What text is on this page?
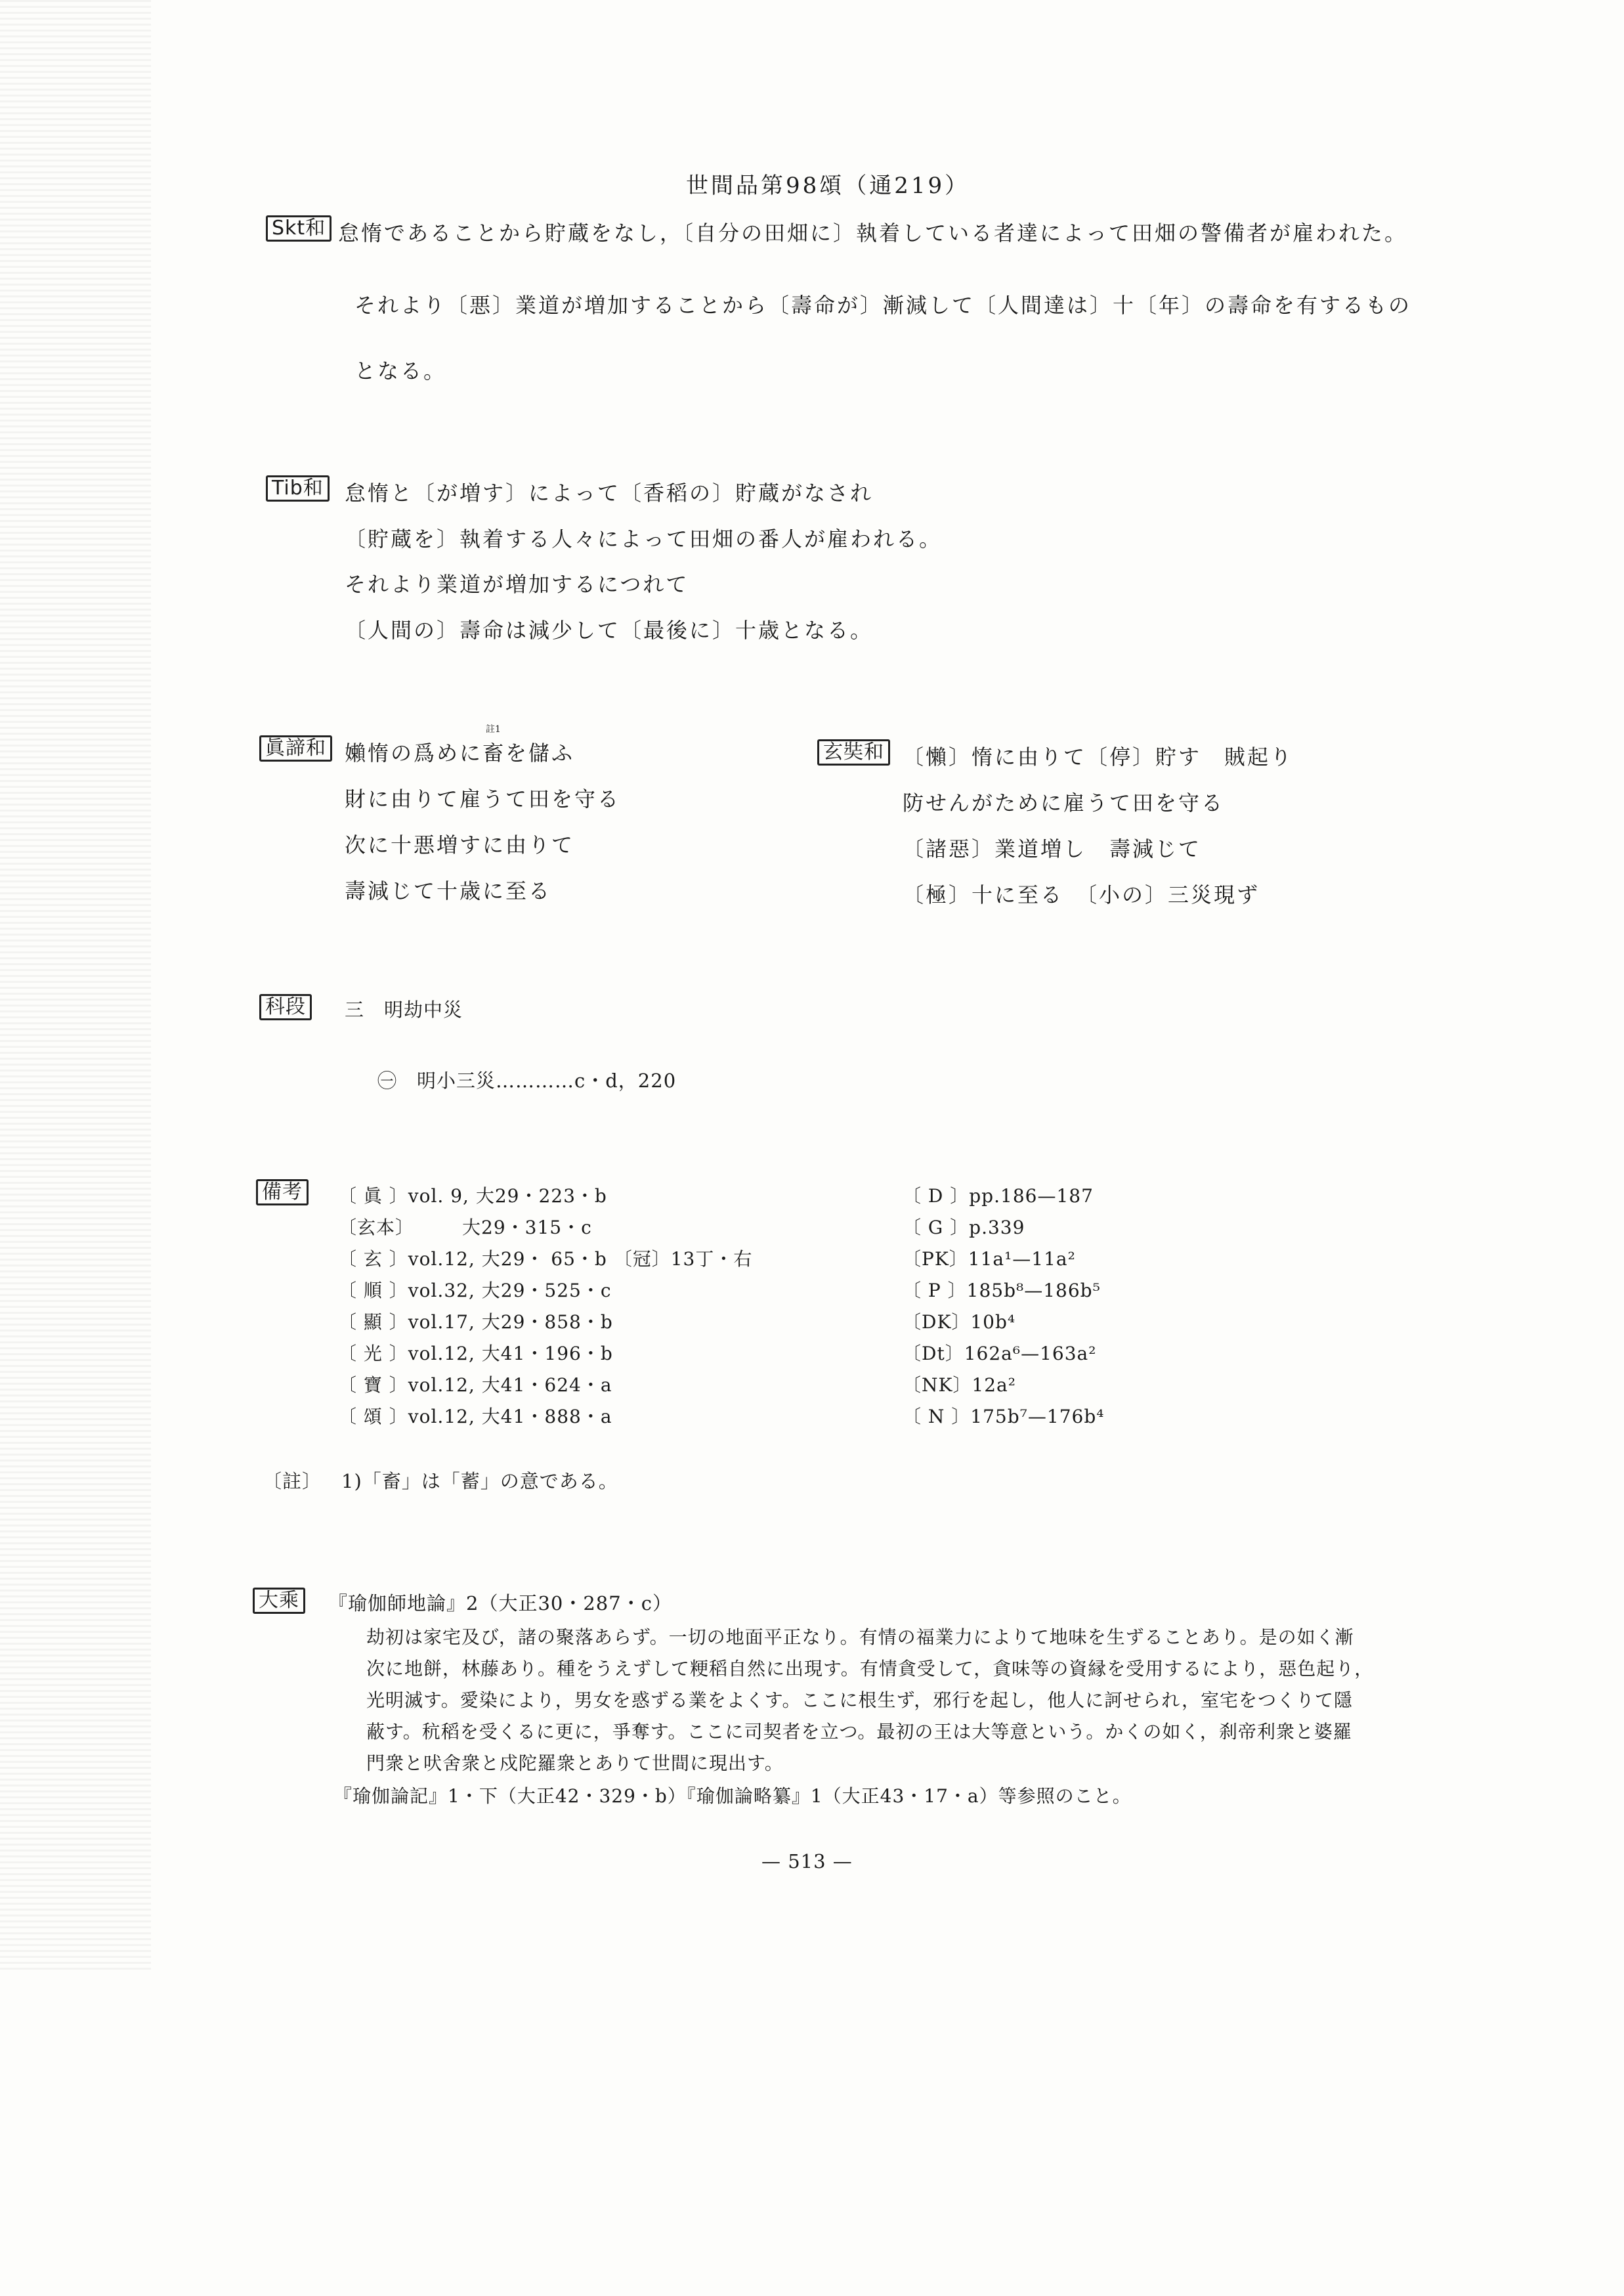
世間品第98頌（通219）
Skt和 怠惰であることから貯蔵をなし，〔自分の田畑に〕執着している者達によって田畑の警備者が雇われた。
それより〔悪〕業道が増加することから〔壽命が〕漸減して〔人間達は〕十〔年〕の壽命を有するもの
となる。
Tib和 怠惰と〔が増す〕によって〔香稻の〕貯蔵がなされ
〔貯蔵を〕執着する人々によって田畑の番人が雇われる。
それより業道が増加するにつれて
〔人間の〕壽命は減少して〔最後に〕十歳となる。
眞諦和
註1
嬾惰の爲めに畜を儲ふ
財に由りて雇うて田を守る
次に十悪増すに由りて
壽減じて十歳に至る
玄奘和 〔懶〕惰に由りて〔停〕貯す　賊起り
防せんがために雇うて田を守る
〔諸惡〕業道増し　壽減じて
〔極〕十に至る　〔小の〕三災現ず
科段	三　明劫中災
㊀　明小三災…………c・d，220
備考	〔 眞 〕vol. 9, 大29・223・b
〔玄本〕　　　大29・315・c
〔 玄 〕vol.12, 大29・ 65・b 〔冠〕13丁・右
〔 順 〕vol.32, 大29・525・c
〔 顯 〕vol.17, 大29・858・b
〔 光 〕vol.12, 大41・196・b
〔 寶 〕vol.12, 大41・624・a
〔 頌 〕vol.12, 大41・888・a
〔 D 〕pp.186—187
〔 G 〕p.339
〔PK〕11a¹—11a²
〔 P 〕185b⁸—186b⁵
〔DK〕10b⁴
〔Dt〕162a⁶—163a²
〔NK〕12a²
〔 N 〕175b⁷—176b⁴
〔註〕 1)「畜」は「蓄」の意である。
大乘	『瑜伽師地論』2（大正30・287・c）
劫初は家宅及び，諸の聚落あらず。一切の地面平正なり。有情の福業力によりて地味を生ずることあり。是の如く漸
次に地餅，林藤あり。種をうえずして粳稻自然に出現す。有情貪受して，貪味等の資縁を受用するにより，惡色起り，
光明滅す。愛染により，男女を惑ずる業をよくす。ここに根生ず，邪行を起し，他人に訶せられ，室宅をつくりて隱
蔽す。秔稻を受くるに更に，爭奪す。ここに司契者を立つ。最初の王は大等意という。かくの如く，刹帝利衆と婆羅
門衆と吠舍衆と戍陀羅衆とありて世間に現出す。
『瑜伽論記』1・下（大正42・329・b）『瑜伽論略纂』1（大正43・17・a）等参照のこと。
— 513 —
